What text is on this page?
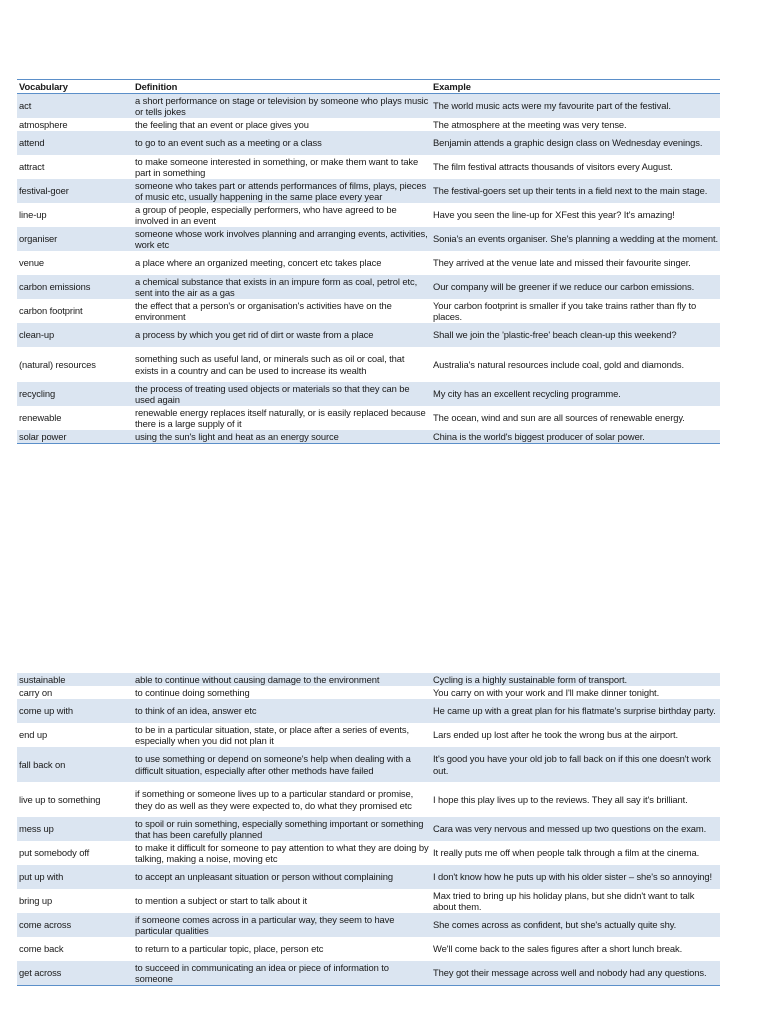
Vocabulary	Definition	Example
act	a short performance on stage or television by someone who plays music or tells jokes	The world music acts were my favourite part of the festival.
atmosphere	the feeling that an event or place gives you	The atmosphere at the meeting was very tense.
attend	to go to an event such as a meeting or a class	Benjamin attends a graphic design class on Wednesday evenings.
attract	to make someone interested in something, or make them want to take part in something	The film festival attracts thousands of visitors every August.
festival-goer	someone who takes part or attends performances of films, plays, pieces of music etc, usually happening in the same place every year	The festival-goers set up their tents in a field next to the main stage.
line-up	a group of people, especially performers, who have agreed to be involved in an event	Have you seen the line-up for XFest this year? It's amazing!
organiser	someone whose work involves planning and arranging events, activities, work etc	Sonia's an events organiser. She's planning a wedding at the moment.
venue	a place where an organized meeting, concert etc takes place	They arrived at the venue late and missed their favourite singer.
carbon emissions	a chemical substance that exists in an impure form as coal, petrol etc, sent into the air as a gas	Our company will be greener if we reduce our carbon emissions.
carbon footprint	the effect that a person's or organisation's activities have on the environment	Your carbon footprint is smaller if you take trains rather than fly to places.
clean-up	a process by which you get rid of dirt or waste from a place	Shall we join the 'plastic-free' beach clean-up this weekend?
(natural) resources	something such as useful land, or minerals such as oil or coal, that exists in a country and can be used to increase its wealth	Australia's natural resources include coal, gold and diamonds.
recycling	the process of treating used objects or materials so that they can be used again	My city has an excellent recycling programme.
renewable	renewable energy replaces itself naturally, or is easily replaced because there is a large supply of it	The ocean, wind and sun are all sources of renewable energy.
solar power	using the sun's light and heat as an energy source	China is the world's biggest producer of solar power.
sustainable	able to continue without causing damage to the environment	Cycling is a highly sustainable form of transport.
carry on	to continue doing something	You carry on with your work and I'll make dinner tonight.
come up with	to think of an idea, answer etc	He came up with a great plan for his flatmate's surprise birthday party.
end up	to be in a particular situation, state, or place after a series of events, especially when you did not plan it	Lars ended up lost after he took the wrong bus at the airport.
fall back on	to use something or depend on someone's help when dealing with a difficult situation, especially after other methods have failed	It's good you have your old job to fall back on if this one doesn't work out.
live up to something	if something or someone lives up to a particular standard or promise, they do as well as they were expected to, do what they promised etc	I hope this play lives up to the reviews. They all say it's brilliant.
mess up	to spoil or ruin something, especially something important or something that has been carefully planned	Cara was very nervous and messed up two questions on the exam.
put somebody off	to make it difficult for someone to pay attention to what they are doing by talking, making a noise, moving etc	It really puts me off when people talk through a film at the cinema.
put up with	to accept an unpleasant situation or person without complaining	I don't know how he puts up with his older sister – she's so annoying!
bring up	to mention a subject or start to talk about it	Max tried to bring up his holiday plans, but she didn't want to talk about them.
come across	if someone comes across in a particular way, they seem to have particular qualities	She comes across as confident, but she's actually quite shy.
come back	to return to a particular topic, place, person etc	We'll come back to the sales figures after a short lunch break.
get across	to succeed in communicating an idea or piece of information to someone	They got their message across well and nobody had any questions.
